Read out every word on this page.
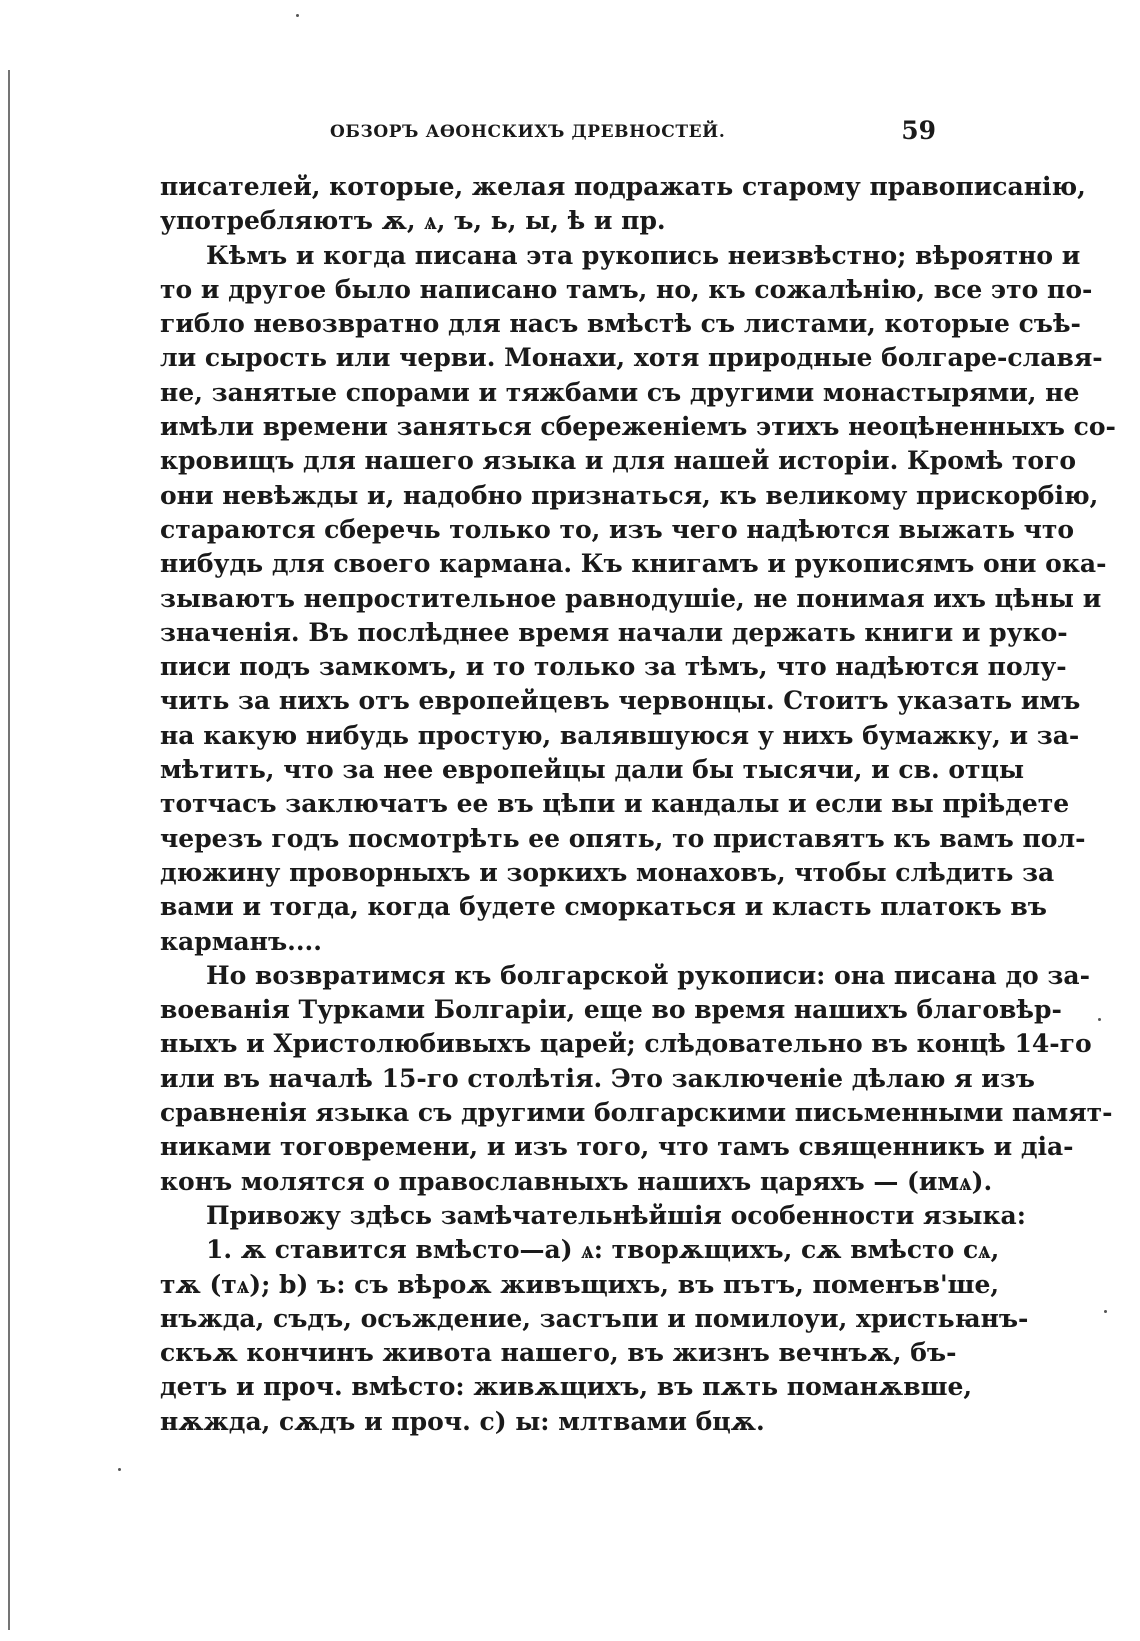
ОБЗОРЪ АѲОНСКИХЪ ДРЕВНОСТЕЙ.	59
писателей, которые, желая подражать старому правописанію,
употребляютъ ѫ, ѧ, ъ, ь, ы, ѣ и пр.
Кѣмъ и когда писана эта рукопись неизвѣстно; вѣроятно и
то и другое было написано тамъ, но, къ сожалѣнію, все это по-
гибло невозвратно для насъ вмѣстѣ съ листами, которые съѣ-
ли сырость или черви. Монахи, хотя природные болгаре-славя-
не, занятые спорами и тяжбами съ другими монастырями, не
имѣли времени заняться сбереженіемъ этихъ неоцѣненныхъ со-
кровищъ для нашего языка и для нашей исторіи. Кромѣ того
они невѣжды и, надобно признаться, къ великому прискорбію,
стараются сберечь только то, изъ чего надѣются выжать что
нибудь для своего кармана. Къ книгамъ и рукописямъ они ока-
зываютъ непростительное равнодушіе, не понимая ихъ цѣны и
значенія. Въ послѣднее время начали держать книги и руко-
писи подъ замкомъ, и то только за тѣмъ, что надѣются полу-
чить за нихъ отъ европейцевъ червонцы. Стоитъ указать имъ
на какую нибудь простую, валявшуюся у нихъ бумажку, и за-
мѣтить, что за нее европейцы дали бы тысячи, и св. отцы
тотчасъ заключатъ ее въ цѣпи и кандалы и если вы пріѣдете
черезъ годъ посмотрѣть ее опять, то приставятъ къ вамъ пол-
дюжину проворныхъ и зоркихъ монаховъ, чтобы слѣдить за
вами и тогда, когда будете сморкаться и класть платокъ въ
карманъ....
Но возвратимся къ болгарской рукописи: она писана до за-
воеванія Турками Болгаріи, еще во время нашихъ благовѣр-
ныхъ и Христолюбивыхъ царей; слѣдовательно въ концѣ 14-го
или въ началѣ 15-го столѣтія. Это заключеніе дѣлаю я изъ
сравненія языка съ другими болгарскими письменными памят-
никами тоговремени, и изъ того, что тамъ священникъ и діа-
конъ молятся о православныхъ нашихъ царяхъ — (имѧ).
Привожу здѣсь замѣчательнѣйшія особенности языка:
1. ѫ ставится вмѣсто—a) ѧ: творѫщихъ, сѫ вмѣсто сѧ,
тѫ (тѧ); b) ъ: съ вѣроѫ живъщихъ, въ пътъ, поменъв'ше,
нъжда, съдъ, осъждение, застъпи и помилоуи, христьꙗнъ-
скъѫ кончинъ живота нашего, въ жизнъ вечнъѫ, бъ-
детъ и проч. вмѣсто: живѫщихъ, въ пѫть поманѫвше,
нѫжда, сѫдъ и проч. c) ы: млтвами бцѫ.
